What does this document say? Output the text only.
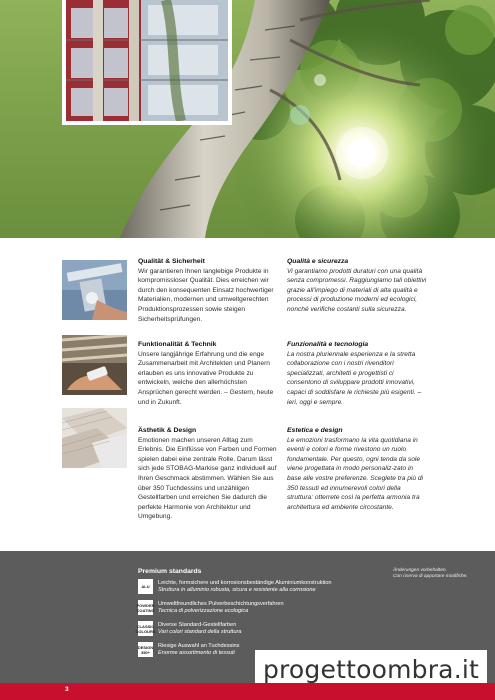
Qualität & Sicherheit

Wir garantieren Ihnen langlebige Produkte in kompromissloser Qualität. Dies erreichen wir durch den konsequenten Einsatz hochwertiger Materialien, modernen und umweltgerechten Produktionsprozessen sowie steigen Sicherheitsprüfungen.

Qualità e sicurezza

Vi garantiamo prodotti duraturi con una qualità senza compromessi. Raggiungiamo tali obiettivi grazie all'impiego di materiali di alta qualità e processi di produzione moderni ed ecologici, nonché verifiche costanti sulla sicurezza.

Funktionalität & Technik

Unsere langjährige Erfahrung und die enge Zusammenarbeit mit Architekten und Planern erlauben es uns innovative Produkte zu entwickeln, welche den allerhöchsten Ansprüchen gerecht werden. – Gestern, heute und in Zukunft.

Funzionalità e tecnologia

La nostra pluriennale esperienza e la stretta collaborazione con i nostri rivenditori specializzati, architetti e progettisti ci consentono di sviluppare prodotti innovativi, capaci di soddisfare le richieste più esigenti. – ieri, oggi e sempre.

Ästhetik & Design

Emotionen machen unseren Alltag zum Erlebnis. Die Einflüsse von Farben und Formen spielen dabei eine zentrale Rolle. Darum lässt sich jede STOBAG-Markise ganz individuell auf Ihren Geschmack abstimmen. Wählen Sie aus über 350 Tuchdessins und unzähligen Gestellfarben und erreichen Sie dadurch die perfekte Harmonie von Architektur und Umgebung.

Estetica e design

Le emozioni trasformano la vita quotidiana in eventi e colori e forme rivestono un ruolo fondamentale. Per questo, ogni tenda da sole viene progettata in modo personaliz-zato in base alle vostre preferenze. Sceglete tra più di 350 tessuti ed innumerevoli colori della struttura: otterrete così la perfetta armonia tra architettura ed ambiente circostante.

Premium standards
ALU
Leichte, formsichere und korrosionsbeständige Aluminiumkonstruktion
Struttura in alluminio robusta, sicura e resistente alla corrosione
POWDER COATING
Umweltfreundliches Pulverbeschichtungsverfahren
Tecnica di polverizzazione ecologica
CLASSIC COLOURS
Diverse Standard-Gestellfarben
Vari colori standard della struttura
DESIGN 350+
Riesige Auswahl an Tuchdessins
Enorme assortimento di tessuti
Änderungen vorbehalten.
Con riserva di apportare modifiche.
progettoombra.it
3
